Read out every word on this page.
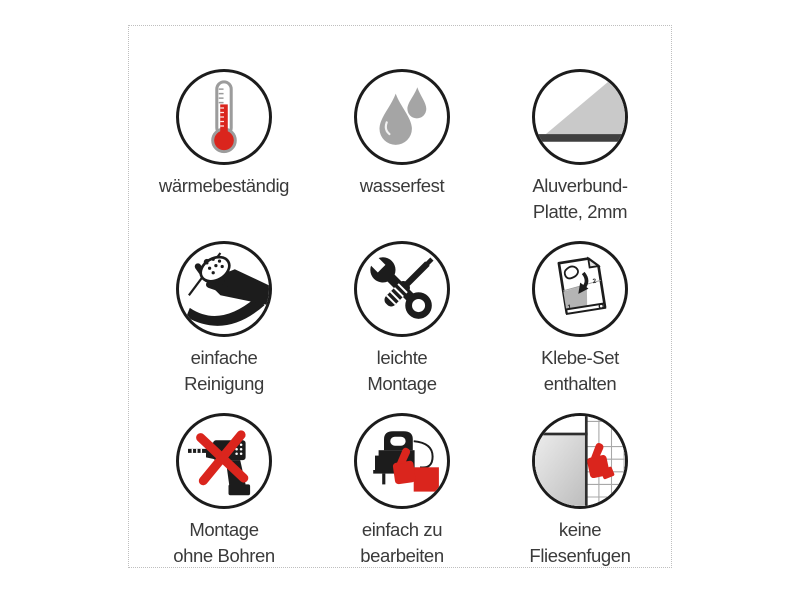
wärmebeständig	wasserfest	Aluverbund-
Platte, 2mm
einfache
Reinigung
leichte
Montage
1
2
Klebe-Set
enthalten
Montage
ohne Bohren
einfach zu
bearbeiten
keine
Fliesenfugen
